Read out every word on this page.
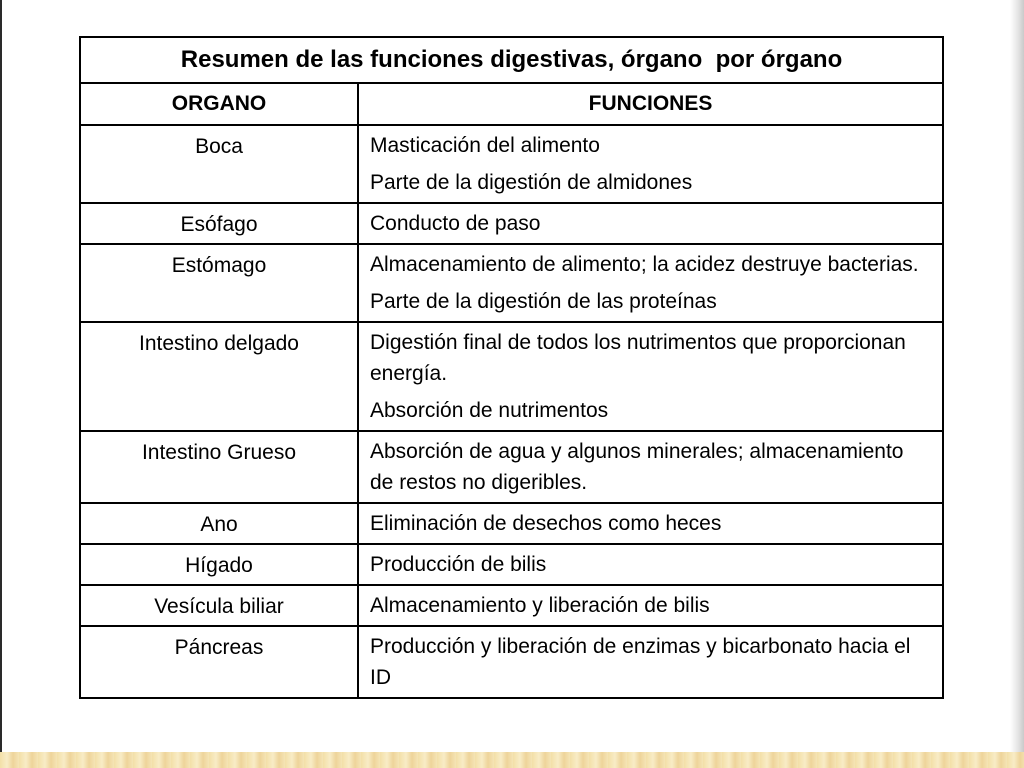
Resumen de las funciones digestivas, órgano  por órgano	
ORGANO	FUNCIONES
Boca	Masticación del alimento
Parte de la digestión de almidones

Esófago	Conducto de paso

Estómago	Almacenamiento de alimento; la acidez destruye bacterias.
Parte de la digestión de las proteínas

Intestino delgado	Digestión final de todos los nutrimentos que proporcionan energía.
Absorción de nutrimentos

Intestino Grueso	Absorción de agua y algunos minerales; almacenamiento de restos no digeribles.

Ano	Eliminación de desechos como heces

Hígado	Producción de bilis

Vesícula biliar	Almacenamiento y liberación de bilis

Páncreas	Producción y liberación de enzimas y bicarbonato hacia el ID
